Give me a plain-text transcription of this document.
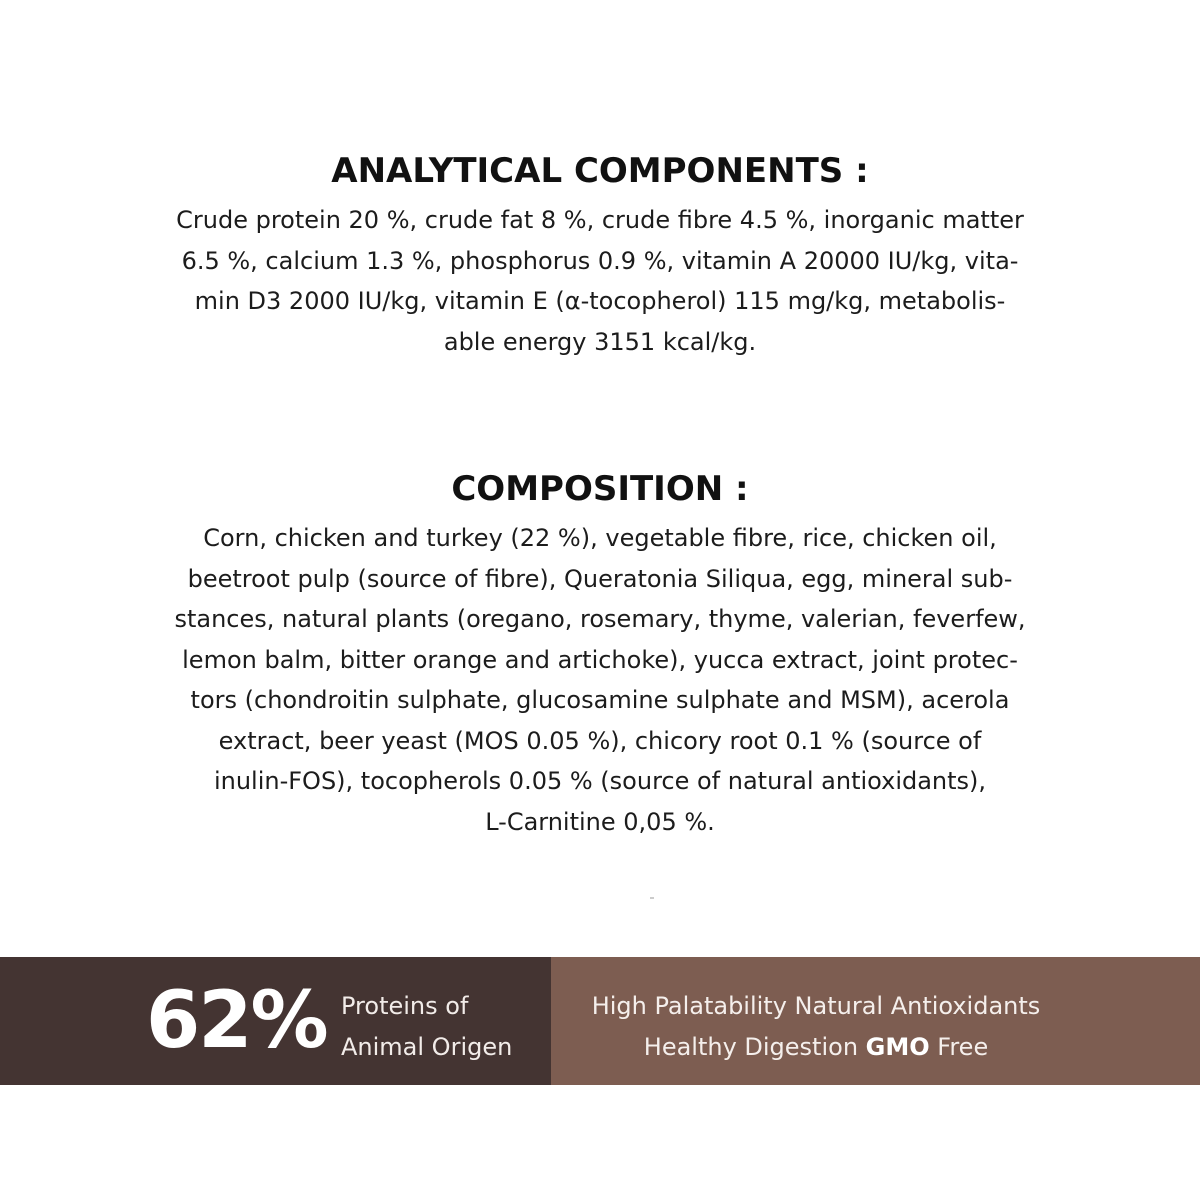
ANALYTICAL COMPONENTS :

Crude protein 20 %, crude fat 8 %, crude fibre 4.5 %, inorganic matter
6.5 %, calcium 1.3 %, phosphorus 0.9 %, vitamin A 20000 IU/kg, vita-
min D3 2000 IU/kg, vitamin E (α-tocopherol) 115 mg/kg, metabolis-
able energy 3151 kcal/kg.

COMPOSITION :

Corn, chicken and turkey (22 %), vegetable fibre, rice, chicken oil,
beetroot pulp (source of fibre), Queratonia Siliqua, egg, mineral sub-
stances, natural plants (oregano, rosemary, thyme, valerian, feverfew,
lemon balm, bitter orange and artichoke), yucca extract, joint protec-
tors (chondroitin sulphate, glucosamine sulphate and MSM), acerola
extract, beer yeast (MOS 0.05 %), chicory root 0.1 % (source of
inulin-FOS), tocopherols 0.05 % (source of natural antioxidants),
L-Carnitine 0,05 %.

62% Proteins of
Animal Origen
High Palatability Natural Antioxidants
Healthy Digestion GMO Free
